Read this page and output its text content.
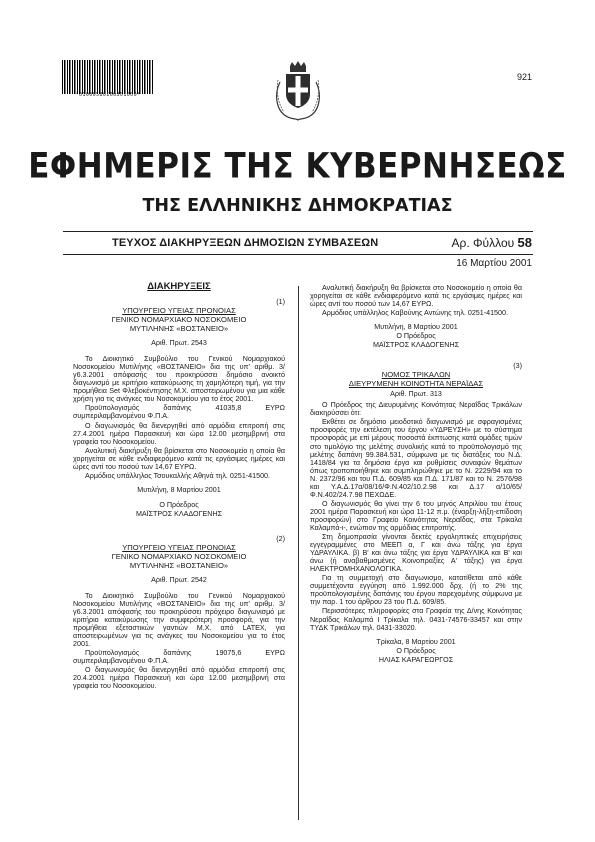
*01000580160301000*
921
ΕΦΗΜΕΡΙΣ ΤΗΣ ΚΥΒΕΡΝΗΣΕΩΣ
ΤΗΣ ΕΛΛΗΝΙΚΗΣ ΔΗΜΟΚΡΑΤΙΑΣ
ΤΕΥΧΟΣ ΔΙΑΚΗΡΥΞΕΩΝ ΔΗΜΟΣΙΩΝ ΣΥΜΒΑΣΕΩΝ	Αρ. Φύλλου 58
16 Μαρτίου 2001
ΔΙΑΚΗΡΥΞΕΙΣ
(1)
ΥΠΟΥΡΓΕΙΟ ΥΓΕΙΑΣ ΠΡΟΝΟΙΑΣ
ΓΕΝΙΚΟ ΝΟΜΑΡΧΙΑΚΟ ΝΟΣΟΚΟΜΕΙΟ
ΜΥΤΙΛΗΝΗΣ «ΒΟΣΤΑΝΕΙΟ»
Αριθ. Πρωτ. 2543

Το Διοικητικό Συμβούλιο του Γενικού Νομαρχιακού Νοσοκομείου Μυτιλήνης «ΒΟΣΤΑΝΕΙΟ» δια της υπ' αριθμ. 3/γ6.3.2001 απόφασής του προκηρύσσει δημόσιο ανοικτό διαγωνισμό με κριτήριο κατακύρωσης τη χαμηλότερη τιμή, για την προμήθεια Set Φλεβοκέντησης Μ.Χ. αποστειρωμένου για μια κάθε χρήση για τις ανάγκες του Νοσοκομείου για το έτος 2001.

Προϋπολογισμός δαπάνης 41035,8 ΕΥΡΩ συμπεριλαμβανομένου Φ.Π.Α.

Ο διαγωνισμός θα διενεργηθεί από αρμόδια επιτροπή στις 27.4.2001 ημέρα Παρασκευή και ώρα 12.00 μεσημβρινή στα γραφεία του Νοσοκομείου.

Αναλυτική διακήρυξη θα βρίσκεται στο Νοσοκομείο η οποία θα χορηγείται σε κάθε ενδιαφερόμενο κατά τις εργάσιμες ημέρες και ώρες αντί του ποσού των 14,67 ΕΥΡΩ.

Αρμόδιος υπάλληλος Τσουκαλλής Αθηνά τηλ. 0251-41500.

Μυτιλήνη, 8 Μαρτίου 2001
Ο Πρόεδρος
ΜΑΪΣΤΡΟΣ ΚΛΑΔΟΓΕΝΗΣ
(2)
ΥΠΟΥΡΓΕΙΟ ΥΓΕΙΑΣ ΠΡΟΝΟΙΑΣ
ΓΕΝΙΚΟ ΝΟΜΑΡΧΙΑΚΟ ΝΟΣΟΚΟΜΕΙΟ
ΜΥΤΙΛΗΝΗΣ «ΒΟΣΤΑΝΕΙΟ»
Αριθ. Πρωτ. 2542

Το Διοικητικό Συμβούλιο του Γενικού Νομαρχιακού Νοσοκομείου Μυτιλήνης «ΒΟΣΤΑΝΕΙΟ» δια της υπ' αριθμ. 3/γ6.3.2001 απόφασής του προκηρύσσει πρόχειρο διαγωνισμό με κριτήριο κατακύρωσης την συμφερότερη προσφορά, για την προμήθεια εξεταστικών γαντιών Μ.Χ. από LATEX, για αποστειρωμένων για τις ανάγκες του Νοσοκομείου για το έτος 2001.

Προϋπολογισμός δαπάνης 19075,6 ΕΥΡΩ συμπεριλαμβανομένου Φ.Π.Α.

Ο διαγωνισμός θα διενεργηθεί από αρμόδια επιτροπή στις 20.4.2001 ημέρα Παρασκευή και ώρα 12.00 μεσημβρινή στα γραφεία του Νοσοκομείου.

Αναλυτική διακήρυξη θα βρίσκεται στο Νοσοκομείο η οποία θα χορηγείται σε κάθε ενδιαφερόμενο κατά τις εργάσιμες ημέρες και ώρες αντί του ποσού των 14,67 ΕΥΡΩ.

Αρμόδιος υπάλληλος Καβούνης Αντώνης τηλ. 0251-41500.

Μυτιλήνη, 8 Μαρτίου 2001
Ο Πρόεδρος
ΜΑΪΣΤΡΟΣ ΚΛΑΔΟΓΕΝΗΣ
(3)
ΝΟΜΟΣ ΤΡΙΚΑΛΩΝ
ΔΙΕΥΡΥΜΕΝΗ ΚΟΙΝΟΤΗΤΑ ΝΕΡΑΪΔΑΣ
Αριθ. Πρωτ. 313

Ο Πρόεδρος της Διευρυμένης Κοινότητας Νεραΐδας Τρικάλων διακηρύσσει ότι:

Εκθέτει σε δημόσιο μειοδοτικό διαγωνισμό με σφραγισμένες προσφορές την εκτέλεση του έργου «ΥΔΡΕΥΣΗ» με το σύστημα προσφοράς με επί μέρους ποσοστά έκπτωσης κατά ομάδες τιμών στο τιμολόγιο της μελέτης συνολικής κατά το προϋπολογισμό της μελέτης δαπάνη 99.384.531, σύμφωνα με τις διατάξεις του Ν.Δ. 1418/84 για τα δημόσια έργα και ρυθμίσεις συναφών θεμάτων όπως τροποποιήθηκε και συμπληρώθηκε με το Ν. 2229/94 και το Ν. 2372/96 και του Π.Δ. 609/85 και Π.Δ. 171/87 και το Ν. 2576/98 και Υ.Α.Δ.17α/08/16/Φ.Ν.402/10.2.98 και Δ.17 α/10/65/Φ.Ν.402/24.7.98 ΠΕΧΩΔΕ.

Ο διαγωνισμός θα γίνει την 6 του μηνός Απριλίου του έτους 2001 ημέρα Παρασκευή και ώρα 11-12 π.μ. (έναρξη-λήξη-επίδοση προσφορών) στο Γραφείο Κοινότητας Νεραΐδας, στα Τρίκαλα Καλαμπά-ι-, ενώπιον της αρμόδιας επιτροπής.

Στη δημοπρασία γίνονται δεκτές εργοληπτικές επιχειρήσεις εγγεγραμμένες στο ΜΕΕΠ α, Γ και άνω τάξης για έργα ΥΔΡΑΥΛΙΚΑ. β) Β' και άνω τάξης για έργα ΥΔΡΑΥΛΙΚΑ και Β' και άνω (ή αναβαθμισμένες Κοινοπραξίες Α' τάξης) για έργα ΗΛΕΚΤΡΟΜΗΧΑΝΟΛΟΓΙΚΑ.

Για τη συμμετοχή στο διαγωνισμο, κατατίθεται από κάθε συμμετέχοντα εγγύηση από 1.992.000 δρχ. (ή το 2% της προϋπολογισμένης δαπάνης του έργου παρεχομένης σύμφωνα με την παρ. 1 του άρθρου 23 του Π.Δ. 609/85.

Περισσότερες πληροφορίες στα Γραφεία της Δ/νης Κοινότητας Νεραΐδας Καλαμπά Ι Τρίκαλα τηλ. 0431-74576-33457 και στην ΤΥΔΚ Τρικάλων τηλ. 0431-33020.

Τρίκαλα, 8 Μαρτίου 2001
Ο Πρόεδρος
ΗΛΙΑΣ ΚΑΡΑΓΕΩΡΓΟΣ
